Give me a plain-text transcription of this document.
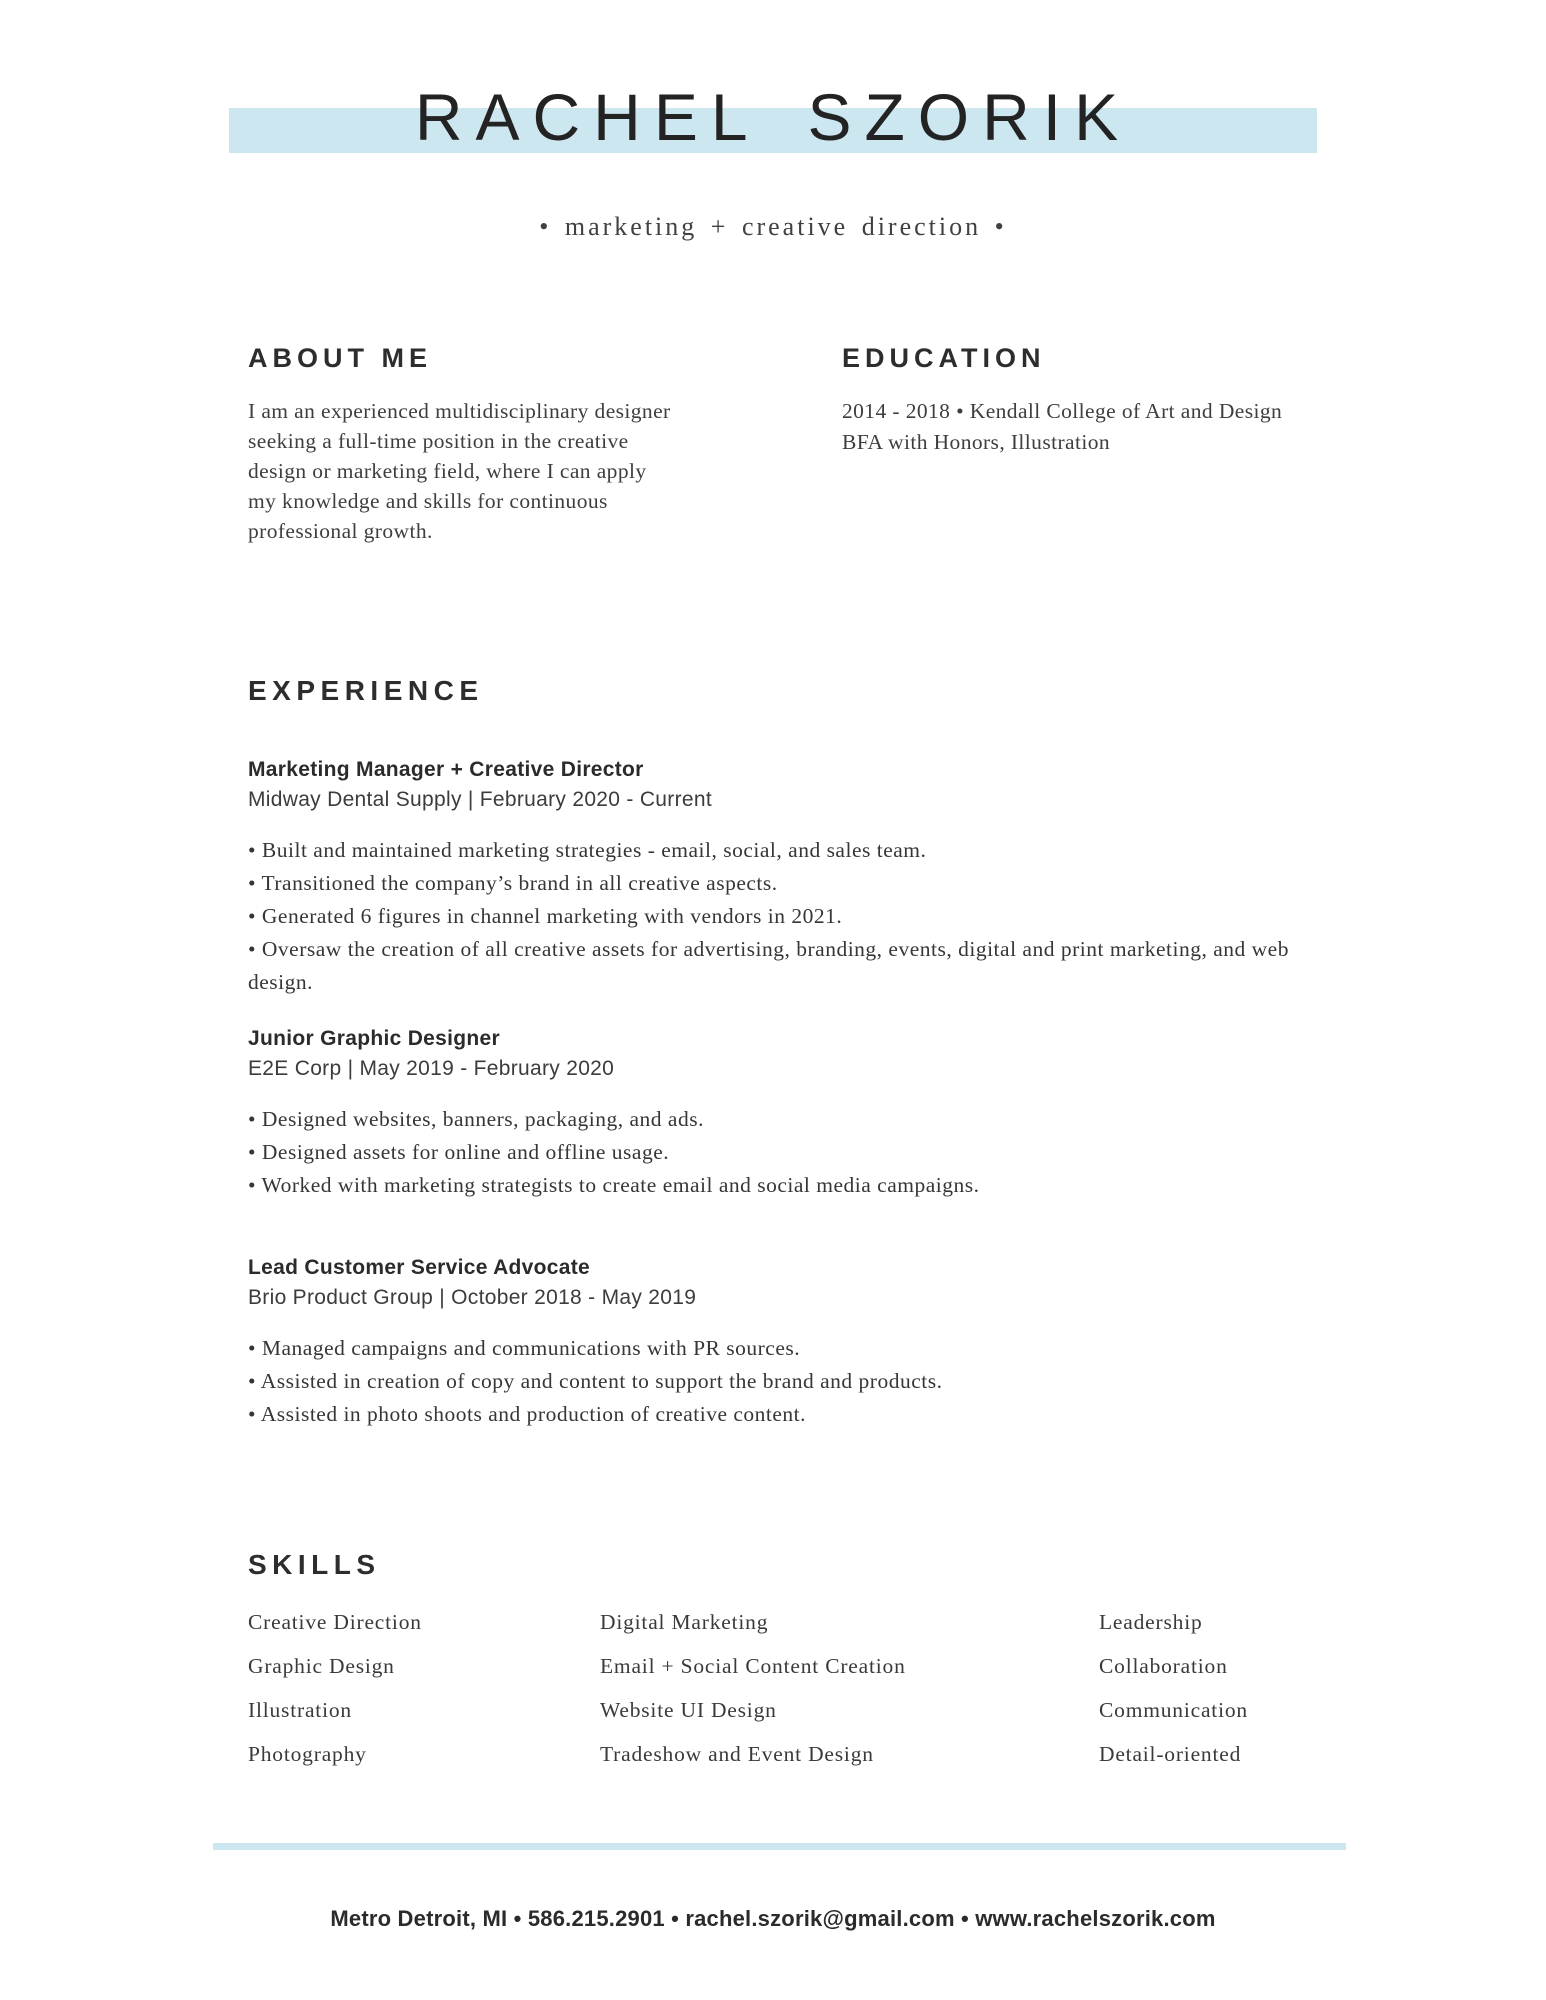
RACHEL SZORIK
• marketing + creative direction •
ABOUT ME

I am an experienced multidisciplinary designer

seeking a full-time position in the creative

design or marketing field, where I can apply

my knowledge and skills for continuous

professional growth.

EDUCATION

2014 - 2018 • Kendall College of Art and Design

BFA with Honors, Illustration

EXPERIENCE

Marketing Manager + Creative Director

Midway Dental Supply | February 2020 - Current

• Built and maintained marketing strategies - email, social, and sales team.

• Transitioned the company’s brand in all creative aspects.

• Generated 6 figures in channel marketing with vendors in 2021.

• Oversaw the creation of all creative assets for advertising, branding, events, digital and print marketing, and web design.

Junior Graphic Designer

E2E Corp | May 2019 - February 2020

• Designed websites, banners, packaging, and ads.

• Designed assets for online and offline usage.

• Worked with marketing strategists to create email and social media campaigns.

Lead Customer Service Advocate

Brio Product Group | October 2018 - May 2019

• Managed campaigns and communications with PR sources.

• Assisted in creation of copy and content to support the brand and products.

• Assisted in photo shoots and production of creative content.

SKILLS

Creative Direction

Graphic Design

Illustration

Photography

Digital Marketing

Email + Social Content Creation

Website UI Design

Tradeshow and Event Design

Leadership

Collaboration

Communication

Detail-oriented

Metro Detroit, MI • 586.215.2901 • rachel.szorik@gmail.com • www.rachelszorik.com
